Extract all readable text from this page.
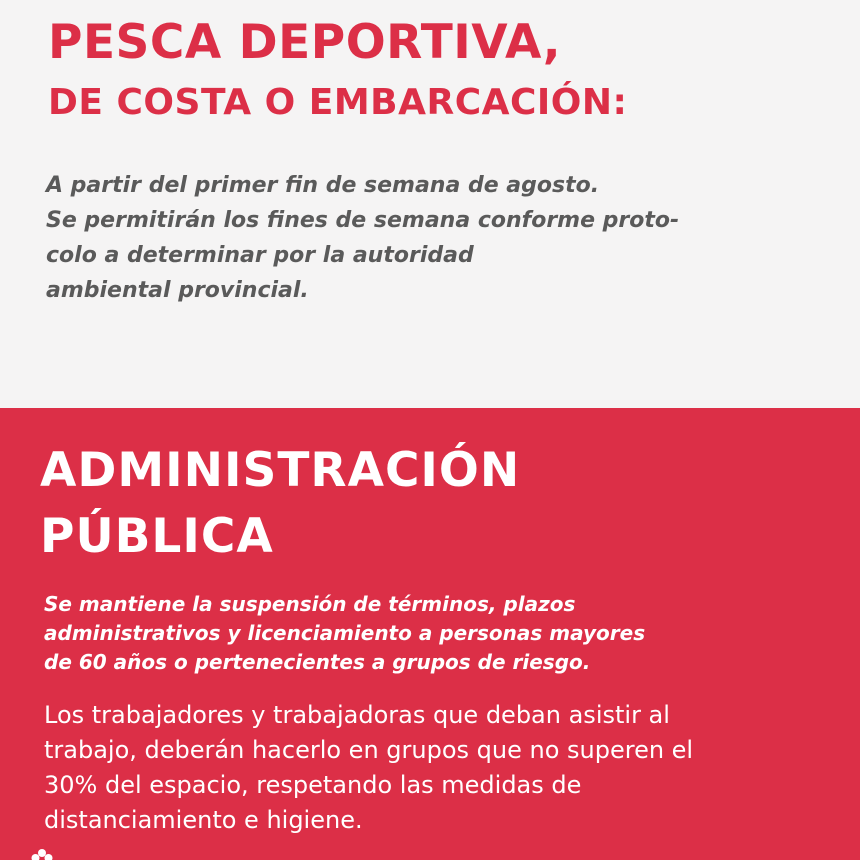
PESCA DEPORTIVA,
DE COSTA O EMBARCACIÓN:

A partir del primer fin de semana de agosto.
Se permitirán los fines de semana conforme proto-
colo a determinar por la autoridad
ambiental provincial.

ADMINISTRACIÓN
PÚBLICA

Se mantiene la suspensión de términos, plazos
administrativos y licenciamiento a personas mayores
de 60 años o pertenecientes a grupos de riesgo.

Los trabajadores y trabajadoras que deban asistir al
trabajo, deberán hacerlo en grupos que no superen el
30% del espacio, respetando las medidas de
distanciamiento e higiene.
